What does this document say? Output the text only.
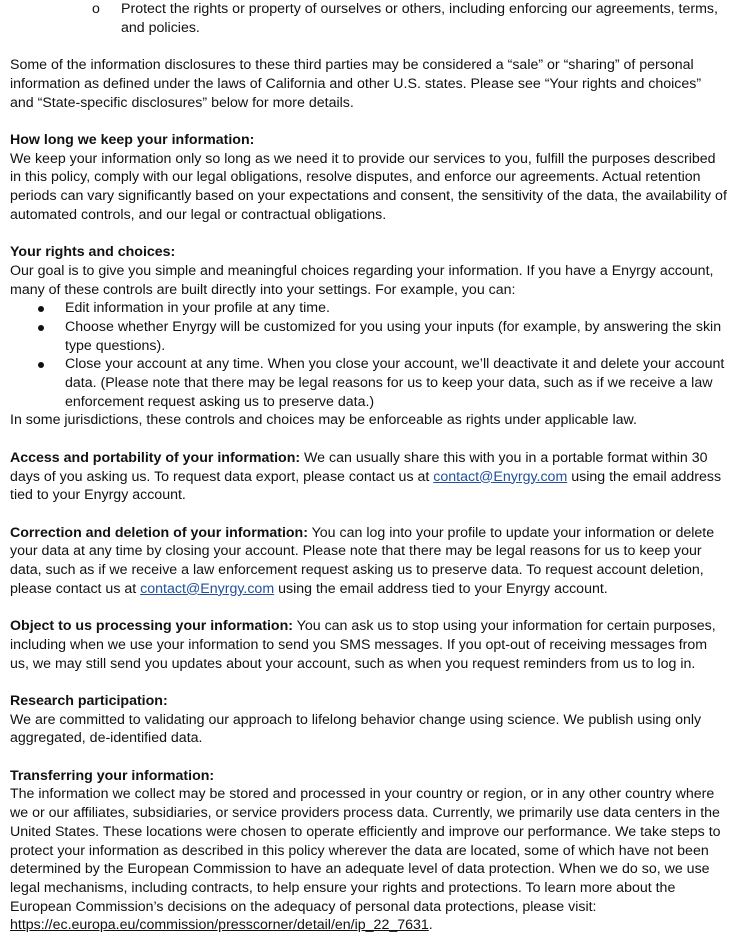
o Protect the rights or property of ourselves or others, including enforcing our agreements, terms, and policies.

Some of the information disclosures to these third parties may be considered a “sale” or “sharing” of personal information as defined under the laws of California and other U.S. states. Please see “Your rights and choices” and “State-specific disclosures” below for more details.

How long we keep your information:

We keep your information only so long as we need it to provide our services to you, fulfill the purposes described in this policy, comply with our legal obligations, resolve disputes, and enforce our agreements. Actual retention periods can vary significantly based on your expectations and consent, the sensitivity of the data, the availability of automated controls, and our legal or contractual obligations.

Your rights and choices:

Our goal is to give you simple and meaningful choices regarding your information. If you have a Enyrgy account, many of these controls are built directly into your settings. For example, you can:

Edit information in your profile at any time.
Choose whether Enyrgy will be customized for you using your inputs (for example, by answering the skin type questions).
Close your account at any time. When you close your account, we’ll deactivate it and delete your account data. (Please note that there may be legal reasons for us to keep your data, such as if we receive a law enforcement request asking us to preserve data.)

In some jurisdictions, these controls and choices may be enforceable as rights under applicable law.

Access and portability of your information: We can usually share this with you in a portable format within 30 days of you asking us. To request data export, please contact us at contact@Enyrgy.com using the email address tied to your Enyrgy account.

Correction and deletion of your information: You can log into your profile to update your information or delete your data at any time by closing your account. Please note that there may be legal reasons for us to keep your data, such as if we receive a law enforcement request asking us to preserve data. To request account deletion, please contact us at contact@Enyrgy.com using the email address tied to your Enyrgy account.

Object to us processing your information: You can ask us to stop using your information for certain purposes, including when we use your information to send you SMS messages. If you opt-out of receiving messages from us, we may still send you updates about your account, such as when you request reminders from us to log in.

Research participation:

We are committed to validating our approach to lifelong behavior change using science. We publish using only aggregated, de-identified data.

Transferring your information:

The information we collect may be stored and processed in your country or region, or in any other country where we or our affiliates, subsidiaries, or service providers process data. Currently, we primarily use data centers in the United States. These locations were chosen to operate efficiently and improve our performance. We take steps to protect your information as described in this policy wherever the data are located, some of which have not been determined by the European Commission to have an adequate level of data protection. When we do so, we use legal mechanisms, including contracts, to help ensure your rights and protections. To learn more about the European Commission’s decisions on the adequacy of personal data protections, please visit: https://ec.europa.eu/commission/presscorner/detail/en/ip_22_7631.
